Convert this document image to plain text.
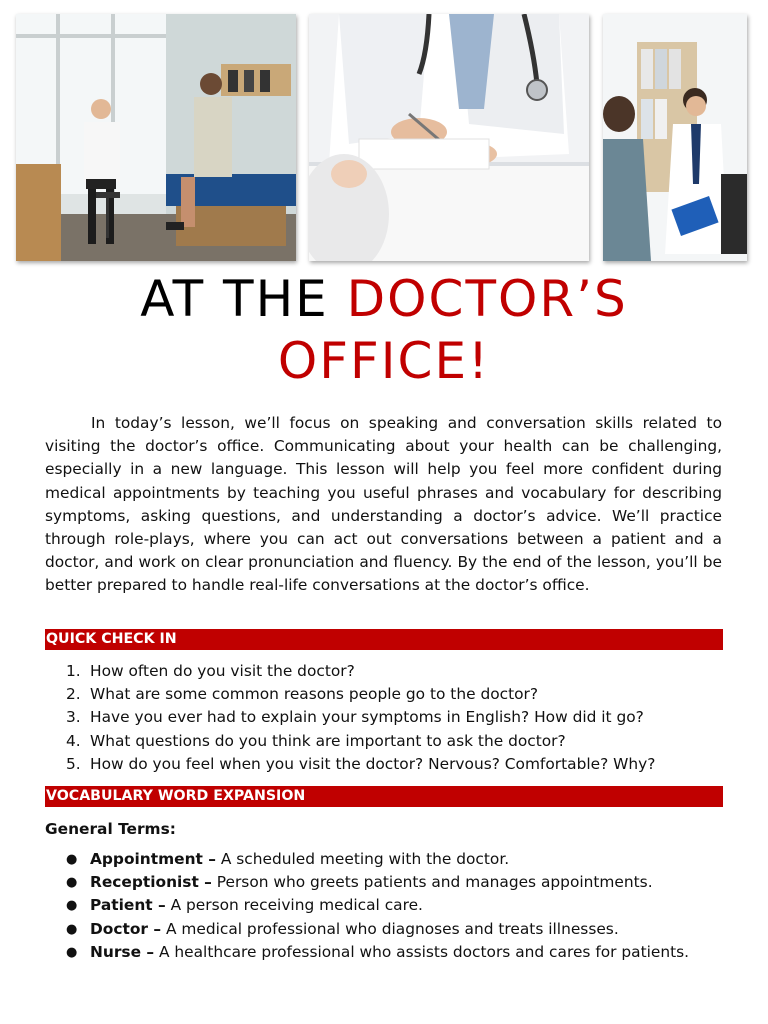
AT THE DOCTOR’S
OFFICE!

In today’s lesson, we’ll focus on speaking and conversation skills related to visiting the doctor’s office. Communicating about your health can be challenging, especially in a new language. This lesson will help you feel more confident during medical appointments by teaching you useful phrases and vocabulary for describing symptoms, asking questions, and understanding a doctor’s advice. We’ll practice through role-plays, where you can act out conversations between a patient and a doctor, and work on clear pronunciation and fluency. By the end of the lesson, you’ll be better prepared to handle real-life conversations at the doctor’s office.

QUICK CHECK IN
1. How often do you visit the doctor?
2. What are some common reasons people go to the doctor?
3. Have you ever had to explain your symptoms in English? How did it go?
4. What questions do you think are important to ask the doctor?
5. How do you feel when you visit the doctor? Nervous? Comfortable? Why?
VOCABULARY WORD EXPANSION
General Terms:
● Appointment – A scheduled meeting with the doctor.
● Receptionist – Person who greets patients and manages appointments.
● Patient – A person receiving medical care.
● Doctor – A medical professional who diagnoses and treats illnesses.
● Nurse – A healthcare professional who assists doctors and cares for patients.
